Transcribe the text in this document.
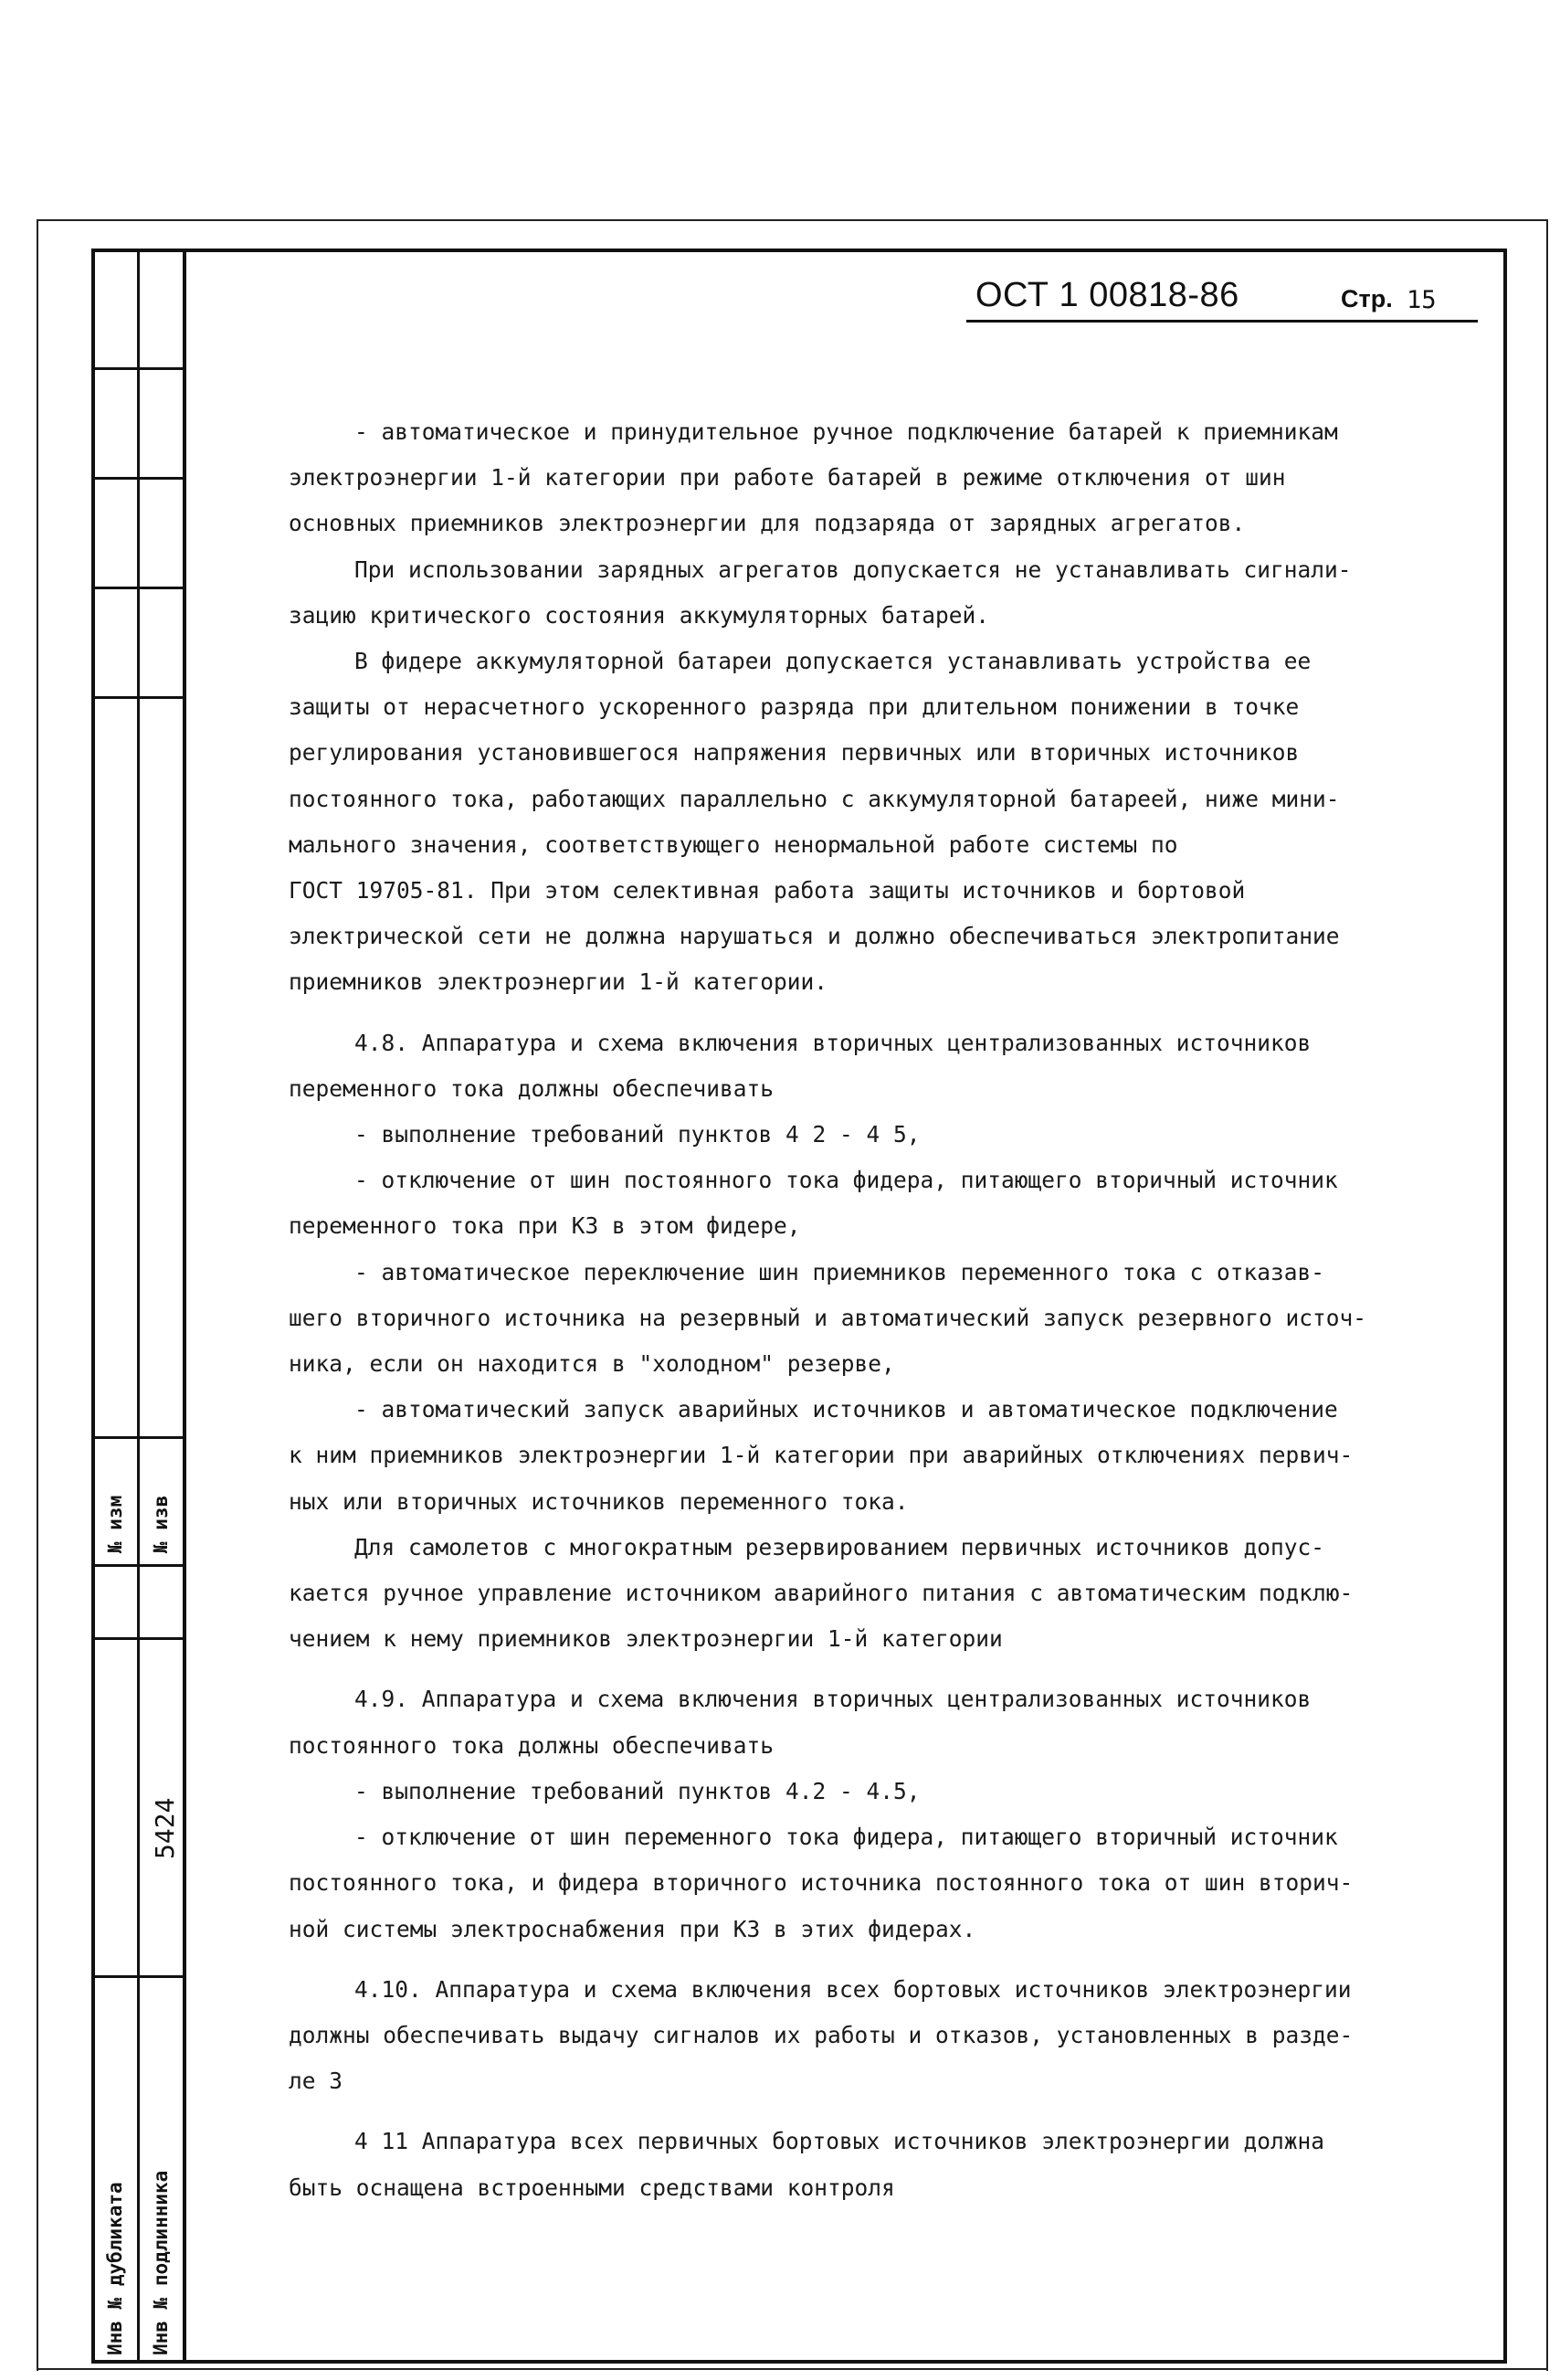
№ изм № изв
5424
Инв № дубликата Инв № подлинника
ОСТ 1 00818-86	Стр. 15
- автоматическое и принудительное ручное подключение батарей к приемникам
электроэнергии 1-й категории при работе батарей в режиме отключения от шин
основных приемников электроэнергии для подзаряда от зарядных агрегатов.
При использовании зарядных агрегатов допускается не устанавливать сигнали-
зацию критического состояния аккумуляторных батарей.
В фидере аккумуляторной батареи допускается устанавливать устройства ее
защиты от нерасчетного ускоренного разряда при длительном понижении в точке
регулирования установившегося напряжения первичных или вторичных источников
постоянного тока, работающих параллельно с аккумуляторной батареей, ниже мини-
мального значения, соответствующего ненормальной работе системы по
ГОСТ 19705-81. При этом селективная работа защиты источников и бортовой
электрической сети не должна нарушаться и должно обеспечиваться электропитание
приемников электроэнергии 1-й категории.
4.8. Аппаратура и схема включения вторичных централизованных источников
переменного тока должны обеспечивать
- выполнение требований пунктов 4 2 - 4 5,
- отключение от шин постоянного тока фидера, питающего вторичный источник
переменного тока при КЗ в этом фидере,
- автоматическое переключение шин приемников переменного тока с отказав-
шего вторичного источника на резервный и автоматический запуск резервного источ-
ника, если он находится в "холодном" резерве,
- автоматический запуск аварийных источников и автоматическое подключение
к ним приемников электроэнергии 1-й категории при аварийных отключениях первич-
ных или вторичных источников переменного тока.
Для самолетов с многократным резервированием первичных источников допус-
кается ручное управление источником аварийного питания с автоматическим подклю-
чением к нему приемников электроэнергии 1-й категории
4.9. Аппаратура и схема включения вторичных централизованных источников
постоянного тока должны обеспечивать
- выполнение требований пунктов 4.2 - 4.5,
- отключение от шин переменного тока фидера, питающего вторичный источник
постоянного тока, и фидера вторичного источника постоянного тока от шин вторич-
ной системы электроснабжения при КЗ в этих фидерах.
4.10. Аппаратура и схема включения всех бортовых источников электроэнергии
должны обеспечивать выдачу сигналов их работы и отказов, установленных в разде-
ле 3
4 11 Аппаратура всех первичных бортовых источников электроэнергии должна
быть оснащена встроенными средствами контроля
